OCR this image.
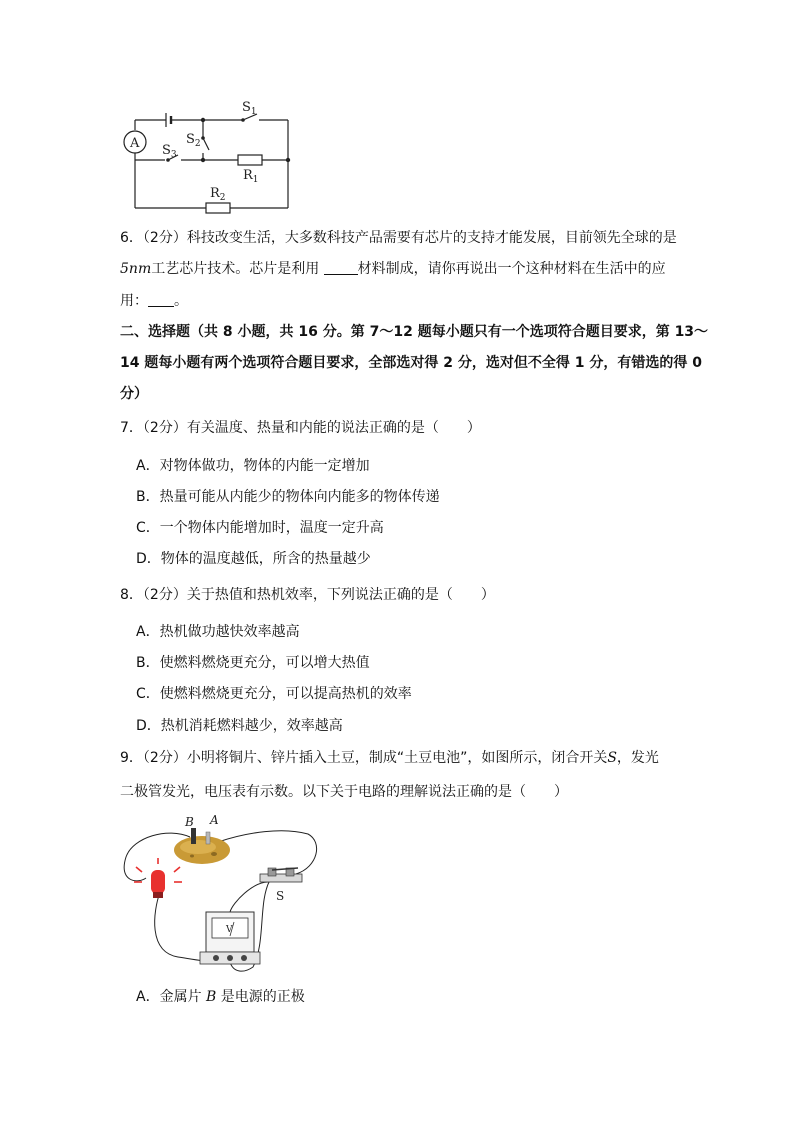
A
$S_1$
$S_2$
$S_3$
$R_1$
$R_2$
6．（2分）科技改变生活，大多数科技产品需要有芯片的支持才能发展，目前领先全球的是
5nm工艺芯片技术。芯片是利用 材料制成，请你再说出一个这种材料在生活中的应
用： 。
二、选择题（共 8 小题，共 16 分。第 7～12 题每小题只有一个选项符合题目要求，第 13～
14 题每小题有两个选项符合题目要求，全部选对得 2 分，选对但不全得 1 分，有错选的得 0
分）
7．（2分）有关温度、热量和内能的说法正确的是（　　）
A．对物体做功，物体的内能一定增加
B．热量可能从内能少的物体向内能多的物体传递
C．一个物体内能增加时，温度一定升高
D．物体的温度越低，所含的热量越少
8．（2分）关于热值和热机效率，下列说法正确的是（　　）
A．热机做功越快效率越高
B．使燃料燃烧更充分，可以增大热值
C．使燃料燃烧更充分，可以提高热机的效率
D．热机消耗燃料越少，效率越高
9．（2分）小明将铜片、锌片插入土豆，制成“土豆电池”，如图所示，闭合开关S，发光
二极管发光，电压表有示数。以下关于电路的理解说法正确的是（　　）
B A
S
V
A．金属片 B 是电源的正极
